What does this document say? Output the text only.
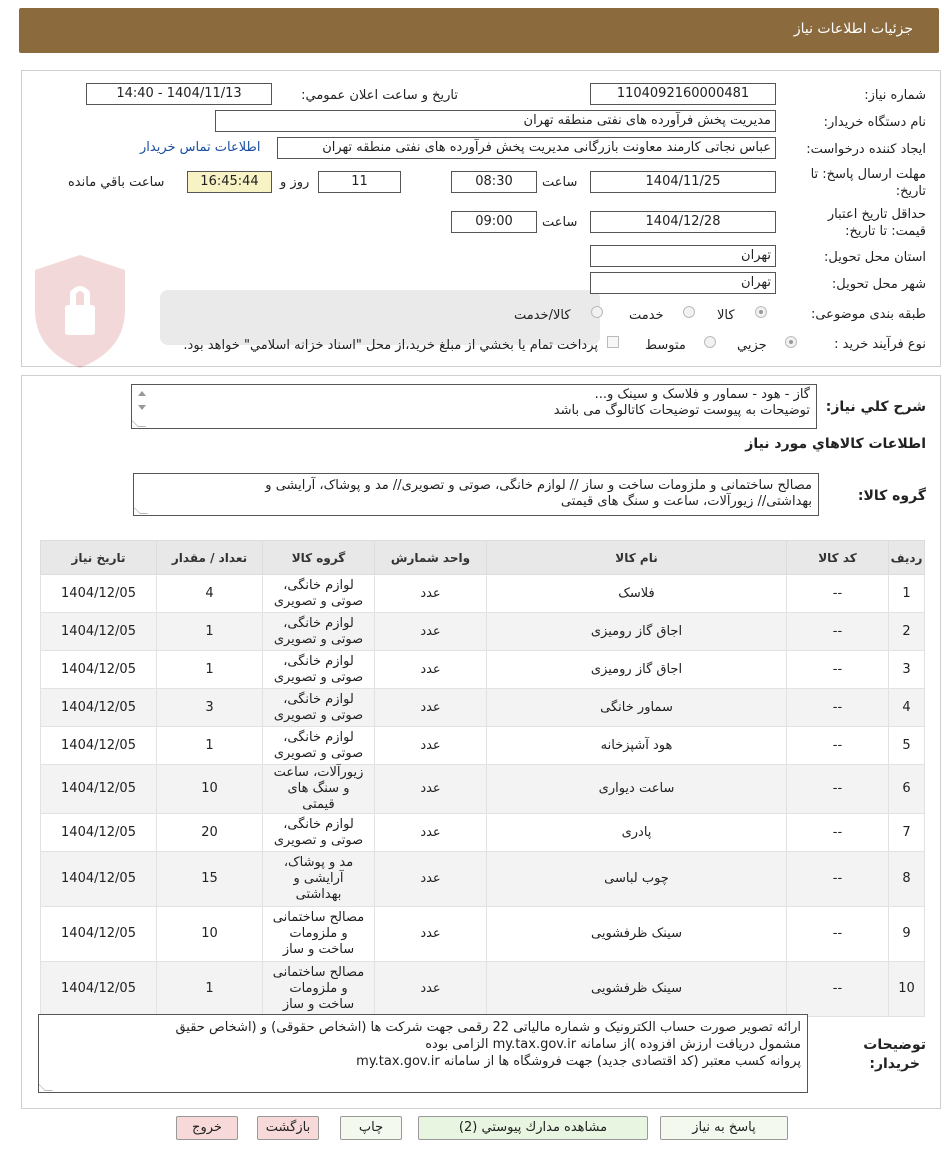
جزئیات اطلاعات نیاز
شماره نیاز:
1104092160000481
تاریخ و ساعت اعلان عمومي:
1404/11/13 - 14:40
نام دستگاه خريدار:
مدیریت پخش فرآورده های نفتی منطقه تهران
ايجاد کننده درخواست:
عباس نجاتی کارمند معاونت بازرگانی مدیریت پخش فرآورده های نفتی منطقه تهران
اطلاعات تماس خريدار
مهلت ارسال پاسخ: تا
تاریخ:
1404/11/25
ساعت
08:30
11
روز و
16:45:44
ساعت باقي مانده
حداقل تاريخ اعتبار
قيمت: تا تاريخ:
1404/12/28
ساعت
09:00
استان محل تحويل:
تهران
شهر محل تحويل:
تهران
طبقه بندی موضوعی:
کالا
خدمت
کالا/خدمت
نوع فرآيند خريد :
جزيي
متوسط
پرداخت تمام يا بخشي از مبلغ خريد،از محل "اسناد خزانه اسلامي" خواهد بود.
شرح کلي نياز:
گاز - هود - سماور و فلاسک و سینک و...
توضیحات به پیوست توضیحات کاتالوگ می باشد
اطلاعات کالاهاي مورد نياز
گروه کالا:
مصالح ساختمانی و ملزومات ساخت و ساز // لوازم خانگی، صوتی و تصویری// مد و پوشاک، آرایشی و
بهداشتی// زیورآلات، ساعت و سنگ های قیمتی
رديف	کد کالا	نام کالا	واحد شمارش	گروه کالا	تعداد / مقدار	تاريخ نياز
1	--	فلاسک	عدد	لوازم خانگی، صوتی و تصویری	4	1404/12/05
2	--	اجاق گاز رومیزی	عدد	لوازم خانگی، صوتی و تصویری	1	1404/12/05
3	--	اجاق گاز رومیزی	عدد	لوازم خانگی، صوتی و تصویری	1	1404/12/05
4	--	سماور خانگی	عدد	لوازم خانگی، صوتی و تصویری	3	1404/12/05
5	--	هود آشپزخانه	عدد	لوازم خانگی، صوتی و تصویری	1	1404/12/05
6	--	ساعت دیواری	عدد	زیورآلات، ساعت و سنگ های قیمتی	10	1404/12/05
7	--	پادری	عدد	لوازم خانگی، صوتی و تصویری	20	1404/12/05
8	--	چوب لباسی	عدد	مد و پوشاک، آرایشی و بهداشتی	15	1404/12/05
9	--	سینک ظرفشویی	عدد	مصالح ساختمانی و ملزومات ساخت و ساز	10	1404/12/05
10	--	سینک ظرفشویی	عدد	مصالح ساختمانی و ملزومات ساخت و ساز	1	1404/12/05
توضيحات
خريدار:
ارائه تصویر صورت حساب الکترونیک و شماره مالیاتی 22 رقمی جهت شرکت ها (اشخاص حقوقی) و (اشخاص حقیق
مشمول دریافت ارزش افزوده )از سامانه my.tax.gov.ir الزامی بوده
پروانه کسب معتبر (کد اقتصادی جدید) جهت فروشگاه ها از سامانه my.tax.gov.ir
پاسخ به نياز
مشاهده مدارك پيوستي (2)
چاپ
بازگشت
خروج
